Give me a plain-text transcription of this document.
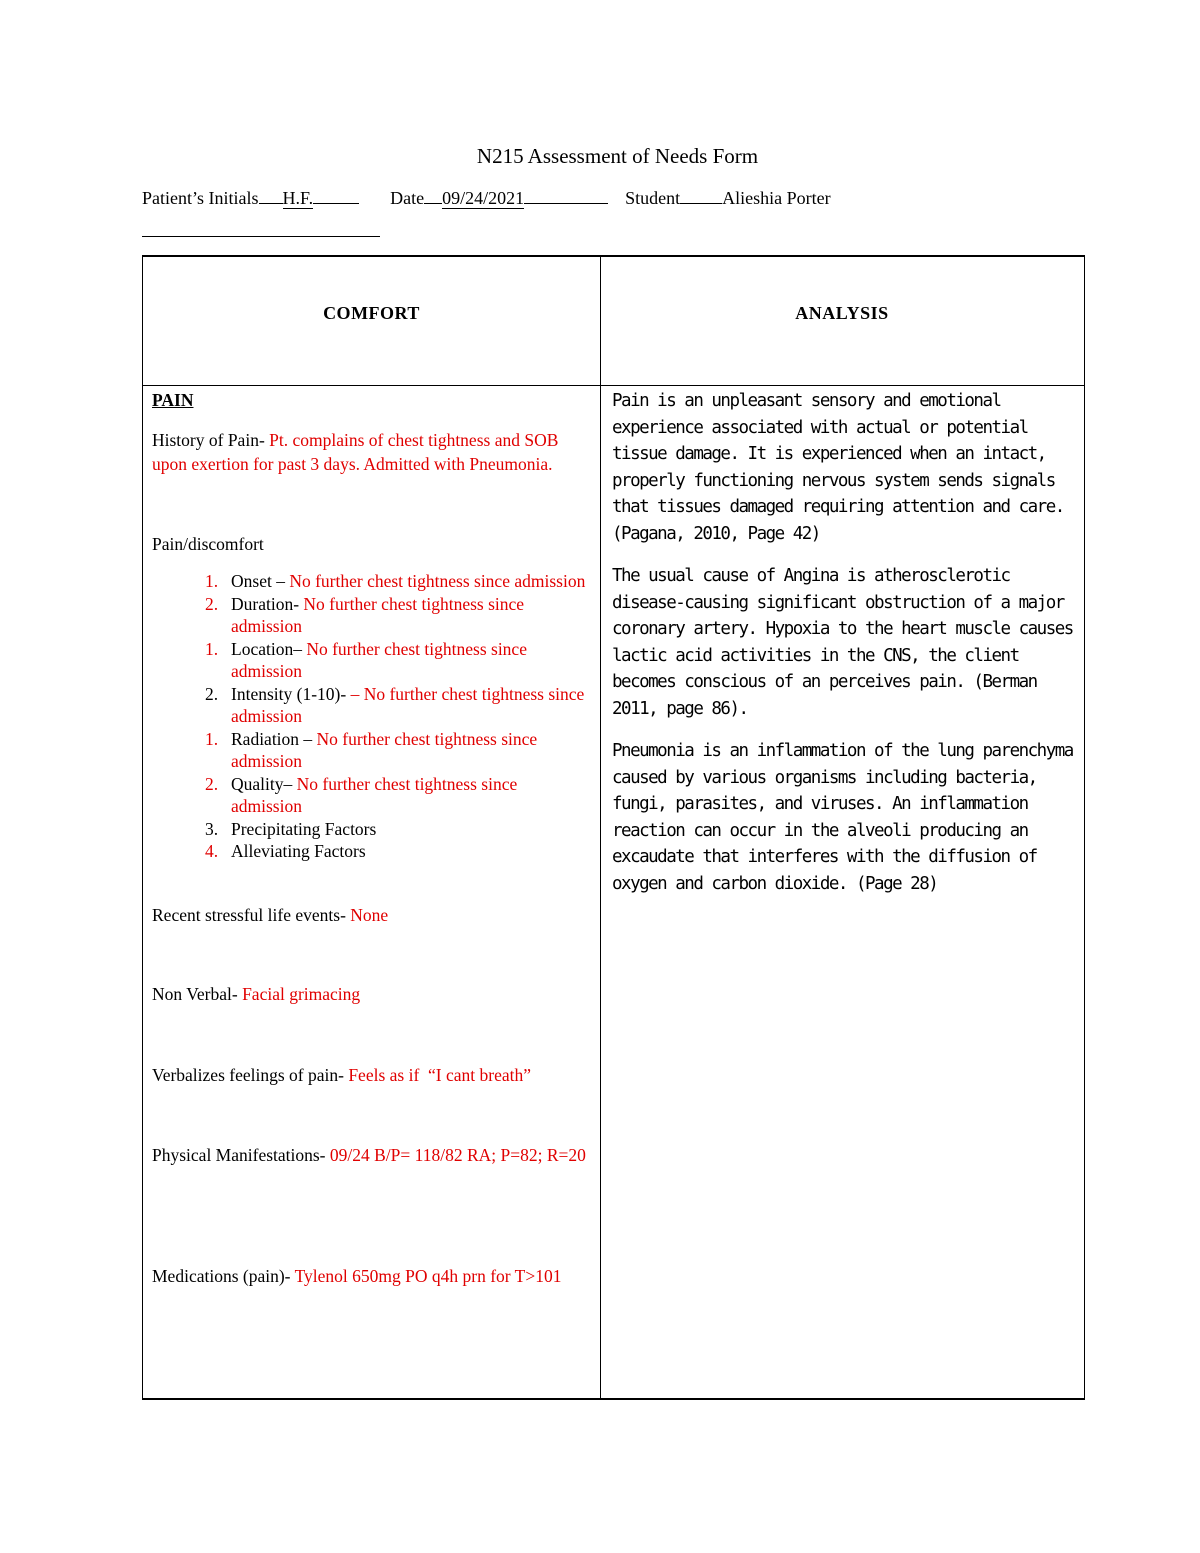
N215 Assessment of Needs Form
Patient’s Initials H.F.	Date 09/24/2021	Student Alieshia Porter
COMFORT	ANALYSIS
PAIN
History of Pain- Pt. complains of chest tightness and SOB upon exertion for past 3 days. Admitted with Pneumonia.
Pain/discomfort
1. Onset – No further chest tightness since admission
2. Duration- No further chest tightness since admission
1. Location– No further chest tightness since admission
2. Intensity (1-10)- – No further chest tightness since admission
1. Radiation – No further chest tightness since admission
2. Quality– No further chest tightness since admission
3. Precipitating Factors
4. Alleviating Factors
Recent stressful life events- None
Non Verbal- Facial grimacing
Verbalizes feelings of pain- Feels as if  “I cant breath”
Physical Manifestations- 09/24 B/P= 118/82 RA; P=82; R=20
Medications (pain)- Tylenol 650mg PO q4h prn for T>101

Pain is an unpleasant sensory and emotional experience associated with actual or potential tissue damage. It is experienced when an intact, properly functioning nervous system sends signals that tissues damaged requiring attention and care. (Pagana, 2010, Page 42)

The usual cause of Angina is atherosclerotic disease-causing significant obstruction of a major coronary artery. Hypoxia to the heart muscle causes lactic acid activities in the CNS, the client becomes conscious of an perceives pain. (Berman 2011, page 86).

Pneumonia is an inflammation of the lung parenchyma caused by various organisms including bacteria, fungi, parasites, and viruses. An inflammation reaction can occur in the alveoli producing an excaudate that interferes with the diffusion of oxygen and carbon dioxide. (Page 28)
